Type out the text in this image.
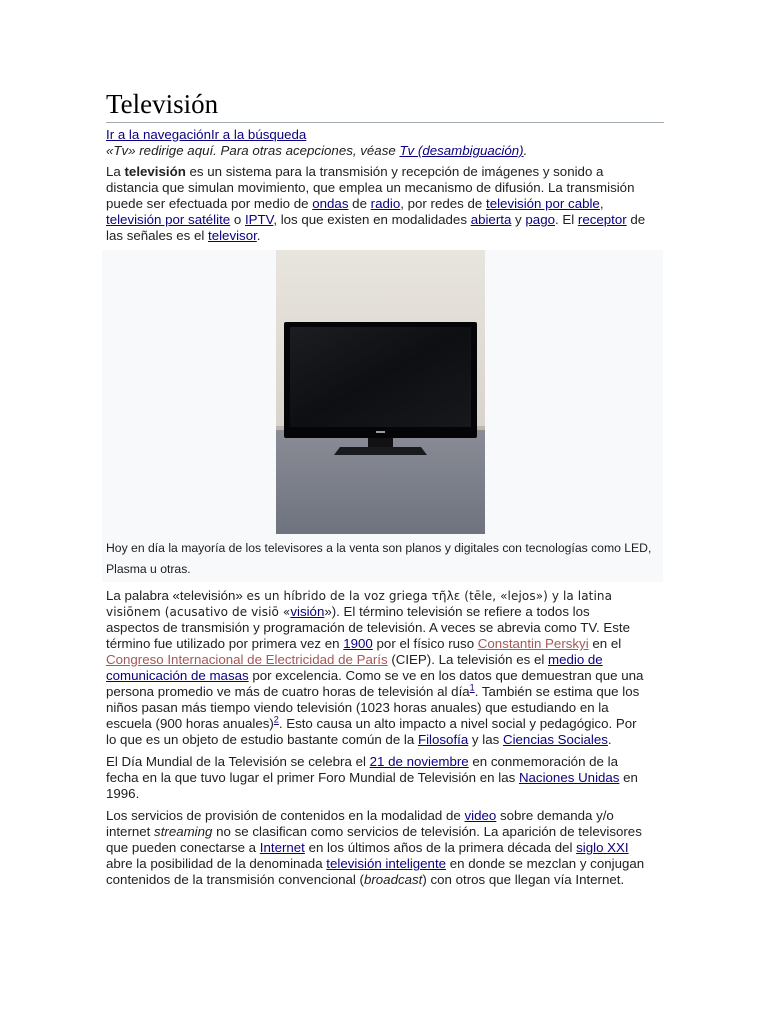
Televisión

Ir a la navegaciónIr a la búsqueda

«Tv» redirige aquí. Para otras acepciones, véase Tv (desambiguación).

La televisión es un sistema para la transmisión y recepción de imágenes y sonido a distancia que simulan movimiento, que emplea un mecanismo de difusión. La transmisión puede ser efectuada por medio de ondas de radio, por redes de televisión por cable, televisión por satélite o IPTV, los que existen en modalidades abierta y pago. El receptor de las señales es el televisor.

Hoy en día la mayoría de los televisores a la venta son planos y digitales con tecnologías como LED, Plasma u otras.

La palabra «televisión» es un híbrido de la voz griega τῆλε (tēle, «lejos») y la latina visiōnem (acusativo de visiō «visión»). El término televisión se refiere a todos los aspectos de transmisión y programación de televisión. A veces se abrevia como TV. Este término fue utilizado por primera vez en 1900 por el físico ruso Constantin Perskyi en el Congreso Internacional de Electricidad de París (CIEP). La televisión es el medio de comunicación de masas por excelencia. Como se ve en los datos que demuestran que una persona promedio ve más de cuatro horas de televisión al día$^1$. También se estima que los niños pasan más tiempo viendo televisión (1023 horas anuales) que estudiando en la escuela (900 horas anuales)$^2$. Esto causa un alto impacto a nivel social y pedagógico. Por lo que es un objeto de estudio bastante común de la Filosofía y las Ciencias Sociales.

El Día Mundial de la Televisión se celebra el 21 de noviembre en conmemoración de la fecha en la que tuvo lugar el primer Foro Mundial de Televisión en las Naciones Unidas en 1996.

Los servicios de provisión de contenidos en la modalidad de video sobre demanda y/o internet streaming no se clasifican como servicios de televisión. La aparición de televisores que pueden conectarse a Internet en los últimos años de la primera década del siglo XXI abre la posibilidad de la denominada televisión inteligente en donde se mezclan y conjugan contenidos de la transmisión convencional (broadcast) con otros que llegan vía Internet.
